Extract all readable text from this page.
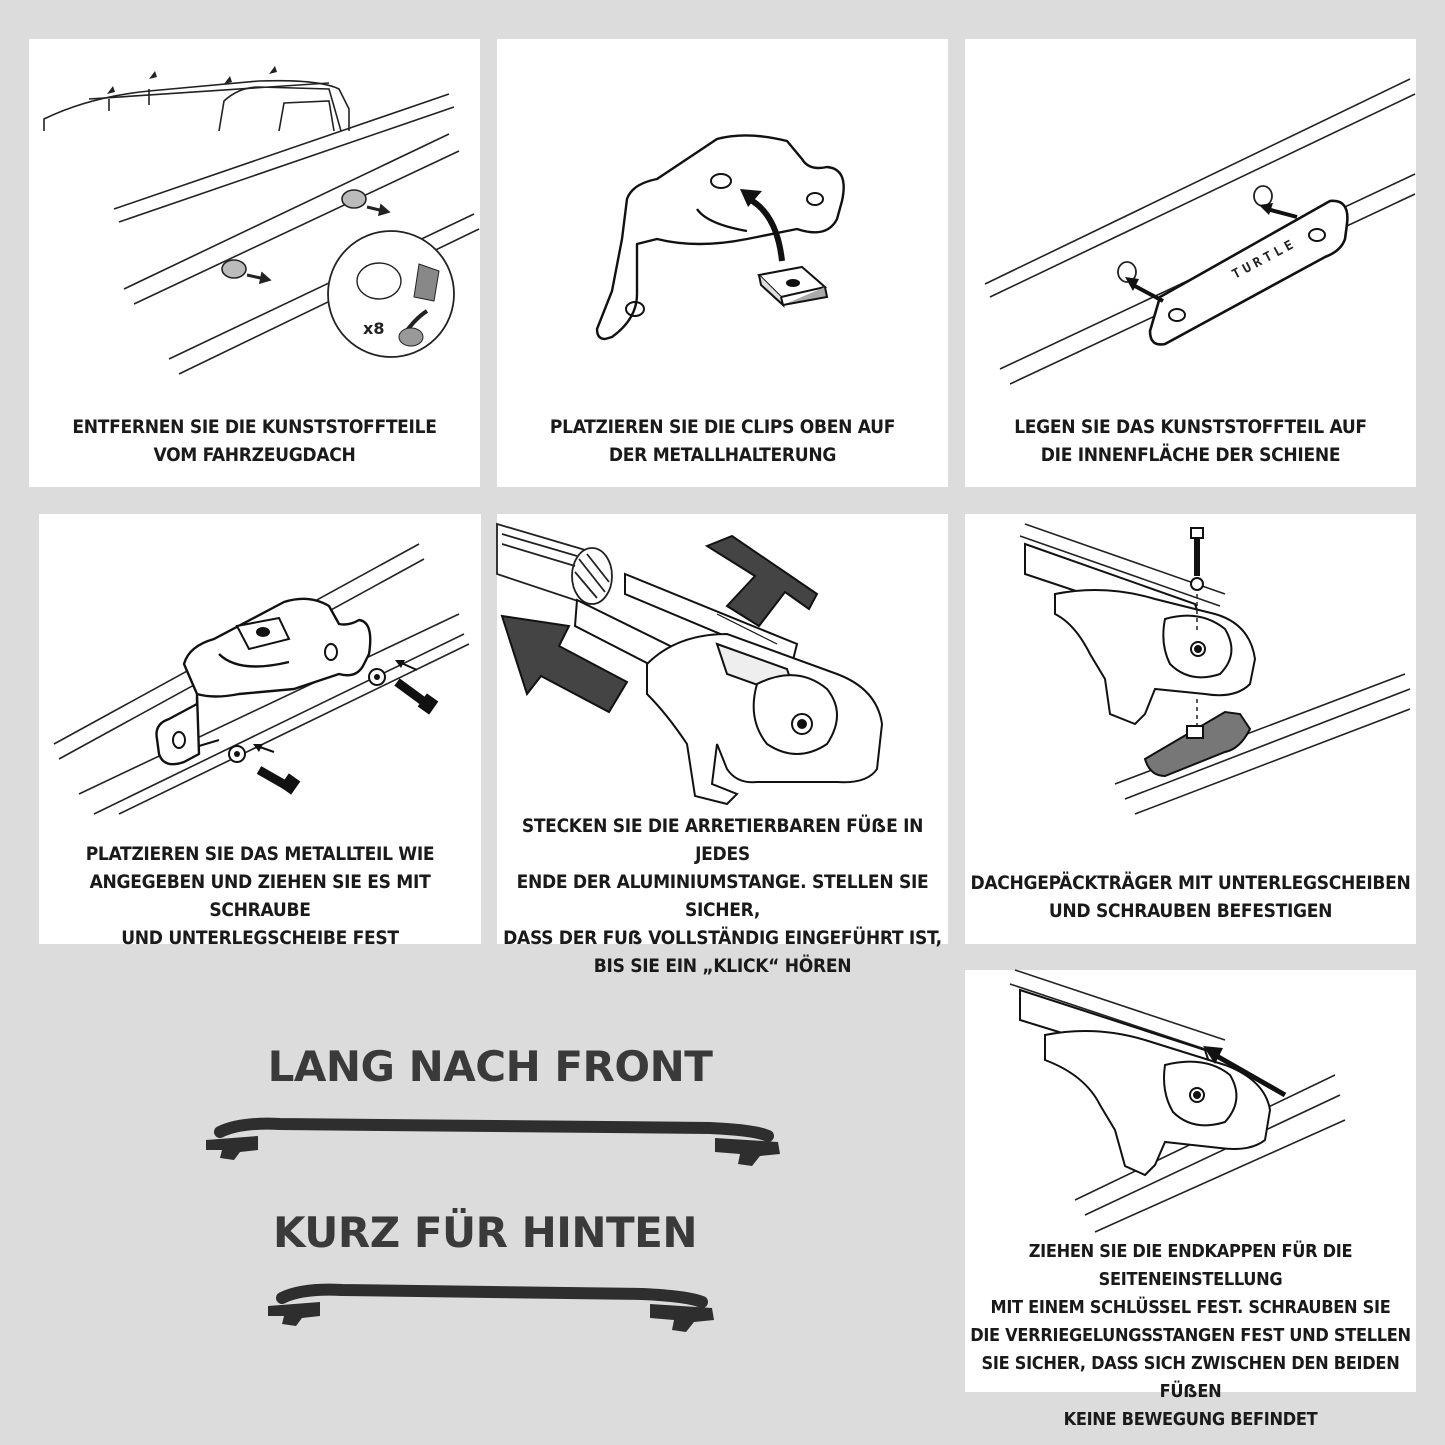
x8
ENTFERNEN SIE DIE KUNSTSTOFFTEILE
VOM FAHRZEUGDACH
PLATZIEREN SIE DIE CLIPS OBEN AUF
DER METALLHALTERUNG
TURTLE
LEGEN SIE DAS KUNSTSTOFFTEIL AUF
DIE INNENFLÄCHE DER SCHIENE
PLATZIEREN SIE DAS METALLTEIL WIE
ANGEGEBEN UND ZIEHEN SIE ES MIT SCHRAUBE
UND UNTERLEGSCHEIBE FEST
STECKEN SIE DIE ARRETIERBAREN FÜẞE IN JEDES
ENDE DER ALUMINIUMSTANGE. STELLEN SIE SICHER,
DASS DER FUẞ VOLLSTÄNDIG EINGEFÜHRT IST,
BIS SIE EIN „KLICK“ HÖREN
DACHGEPÄCKTRÄGER MIT UNTERLEGSCHEIBEN
UND SCHRAUBEN BEFESTIGEN
ZIEHEN SIE DIE ENDKAPPEN FÜR DIE SEITENEINSTELLUNG
MIT EINEM SCHLÜSSEL FEST. SCHRAUBEN SIE
DIE VERRIEGELUNGSSTANGEN FEST UND STELLEN
SIE SICHER, DASS SICH ZWISCHEN DEN BEIDEN FÜẞEN
KEINE BEWEGUNG BEFINDET
LANG NACH FRONT
KURZ FÜR HINTEN
